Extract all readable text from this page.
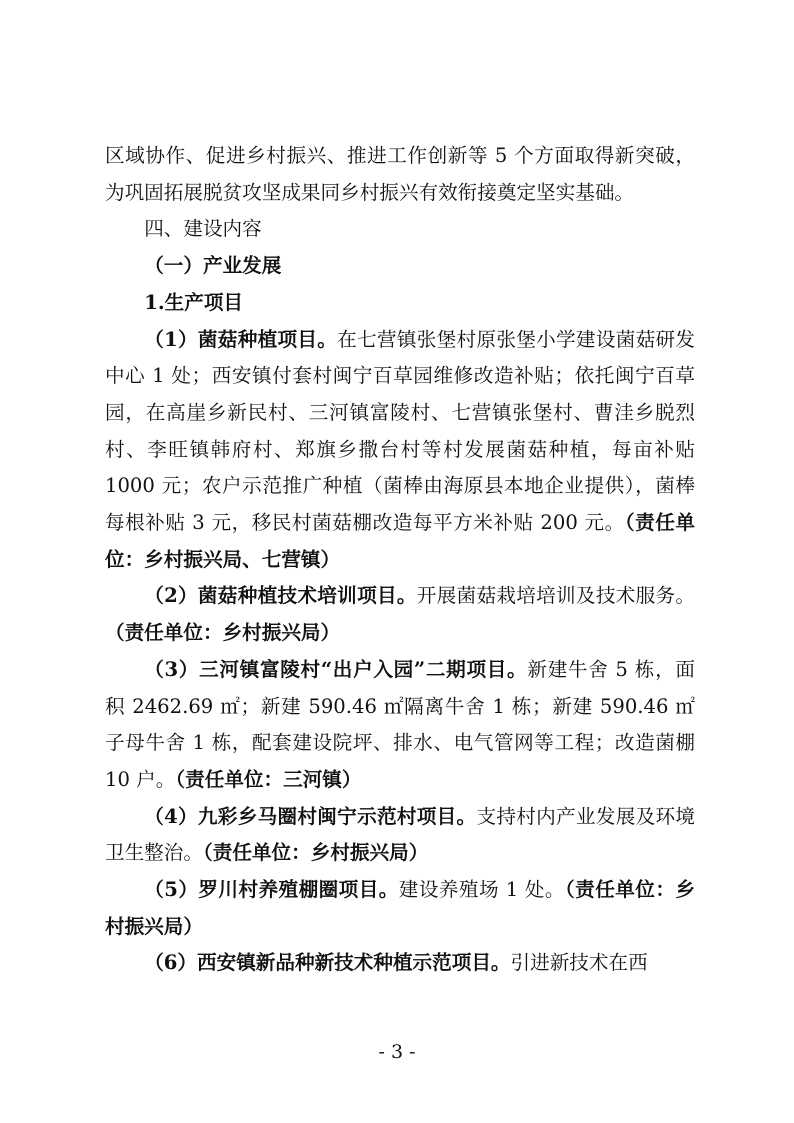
区域协作、促进乡村振兴、推进工作创新等 5 个方面取得新突破，为巩固拓展脱贫攻坚成果同乡村振兴有效衔接奠定坚实基础。

四、建设内容

（一）产业发展

1.生产项目

（1）菌菇种植项目。在七营镇张堡村原张堡小学建设菌菇研发中心 1 处；西安镇付套村闽宁百草园维修改造补贴；依托闽宁百草园，在高崖乡新民村、三河镇富陵村、七营镇张堡村、曹洼乡脱烈村、李旺镇韩府村、郑旗乡撒台村等村发展菌菇种植，每亩补贴 1000 元；农户示范推广种植（菌棒由海原县本地企业提供），菌棒每根补贴 3 元，移民村菌菇棚改造每平方米补贴 200 元。（责任单位：乡村振兴局、七营镇）

（2）菌菇种植技术培训项目。开展菌菇栽培培训及技术服务。（责任单位：乡村振兴局）

（3）三河镇富陵村“出户入园”二期项目。新建牛舍 5 栋，面积 2462.69 ㎡；新建 590.46 ㎡隔离牛舍 1 栋；新建 590.46 ㎡子母牛舍 1 栋，配套建设院坪、排水、电气管网等工程；改造菌棚 10 户。（责任单位：三河镇）

（4）九彩乡马圈村闽宁示范村项目。支持村内产业发展及环境卫生整治。（责任单位：乡村振兴局）

（5）罗川村养殖棚圈项目。建设养殖场 1 处。（责任单位：乡村振兴局）

（6）西安镇新品种新技术种植示范项目。引进新技术在西

- 3 -
